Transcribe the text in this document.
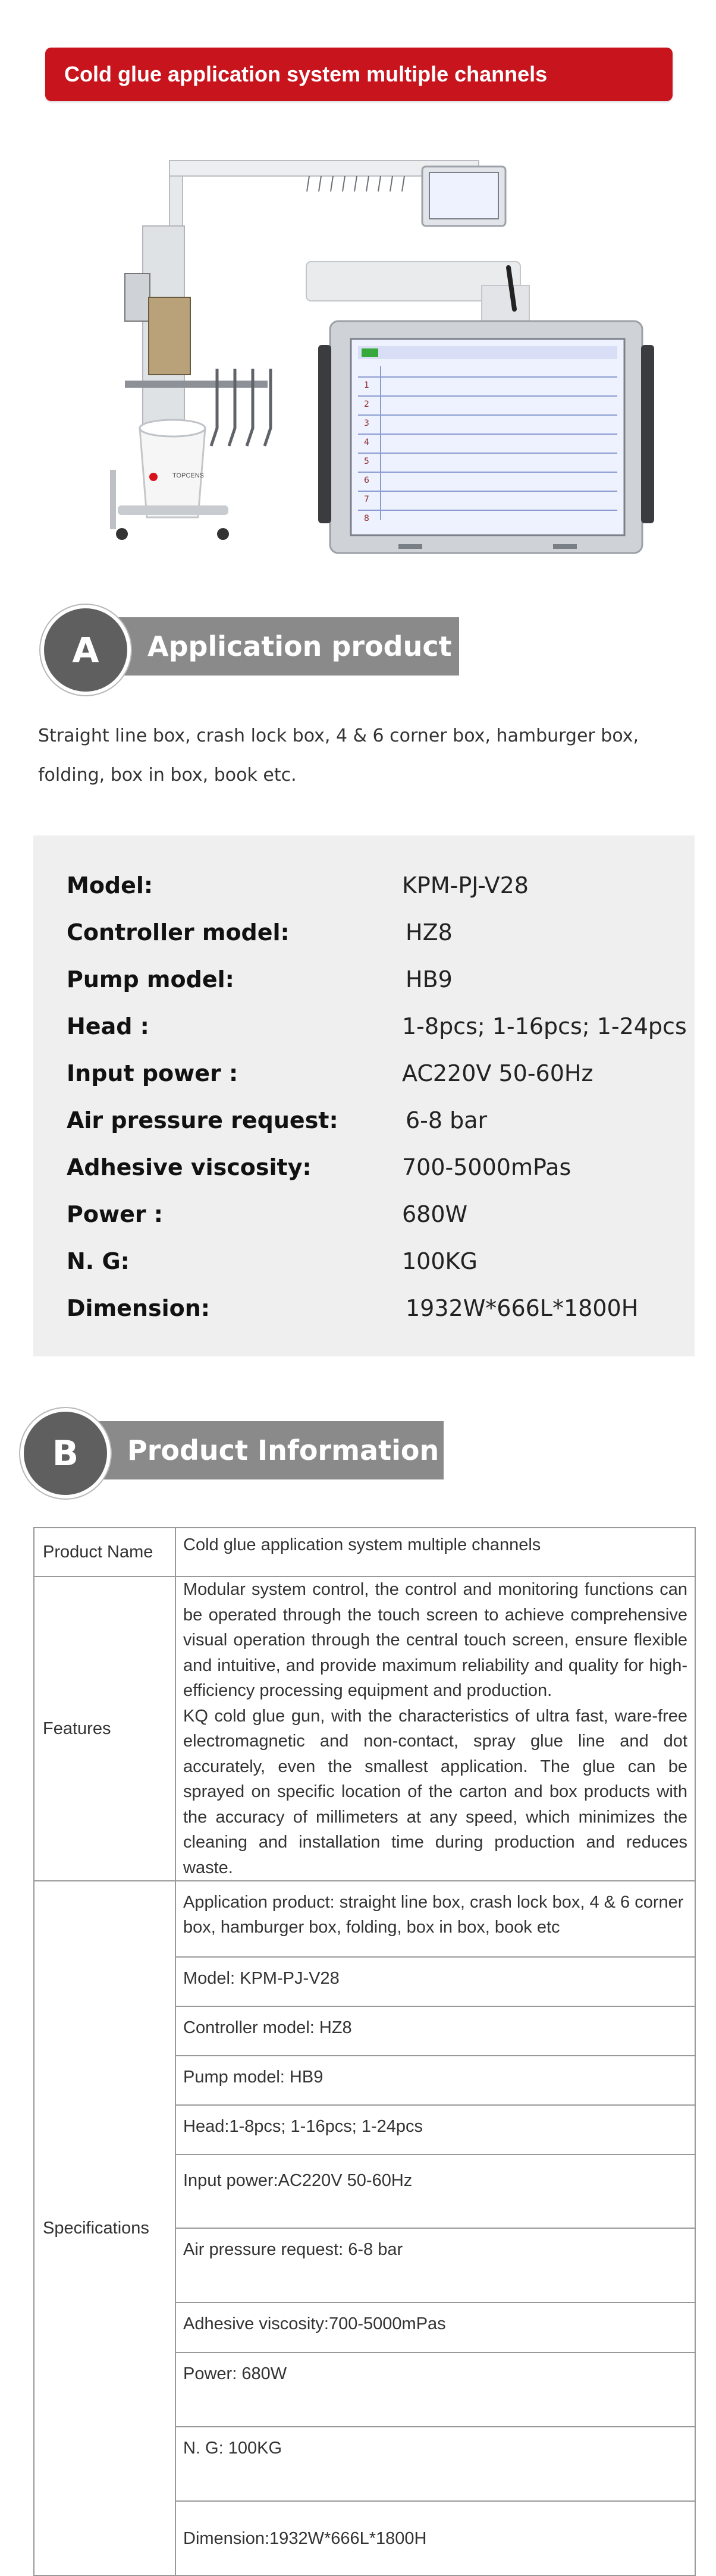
Cold glue application system multiple channels
1
2
3
4
5
6
7
8
TOPCENS
Application product
A
Straight line box, crash lock box, 4 & 6 corner box, hamburger box, folding, box in box, book etc.
Model:	KPM-PJ-V28
Controller model:	HZ8
Pump model:	HB9
Head :	1-8pcs; 1-16pcs; 1-24pcs
Input power :	AC220V 50-60Hz
Air pressure request:	6-8 bar
Adhesive viscosity:	700-5000mPas
Power :	680W
N. G:	100KG
Dimension:	1932W*666L*1800H
Product Information
B
Product Name	Cold glue application system multiple channels
Features	Modular system control, the control and monitoring functions can be operated through the touch screen to achieve comprehensive visual operation through the central touch screen, ensure flexible and intuitive, and provide maximum reliability and quality for high-efficiency processing equipment and production.

KQ cold glue gun, with the characteristics of ultra fast, ware-free electromagnetic and non-contact, spray glue line and dot accurately, even the smallest application. The glue can be sprayed on specific location of the carton and box products with the accuracy of millimeters at any speed, which minimizes the cleaning and installation time during production and reduces waste.

Specifications	Application product: straight line box, crash lock box, 4 & 6 corner box, hamburger box, folding, box in box, book etc
	Model: KPM-PJ-V28
	Controller model: HZ8
	Pump model: HB9
	Head:1-8pcs; 1-16pcs; 1-24pcs
	Input power:AC220V 50-60Hz
	Air pressure request: 6-8 bar
	Adhesive viscosity:700-5000mPas
	Power: 680W
	N. G: 100KG
	Dimension:1932W*666L*1800H
